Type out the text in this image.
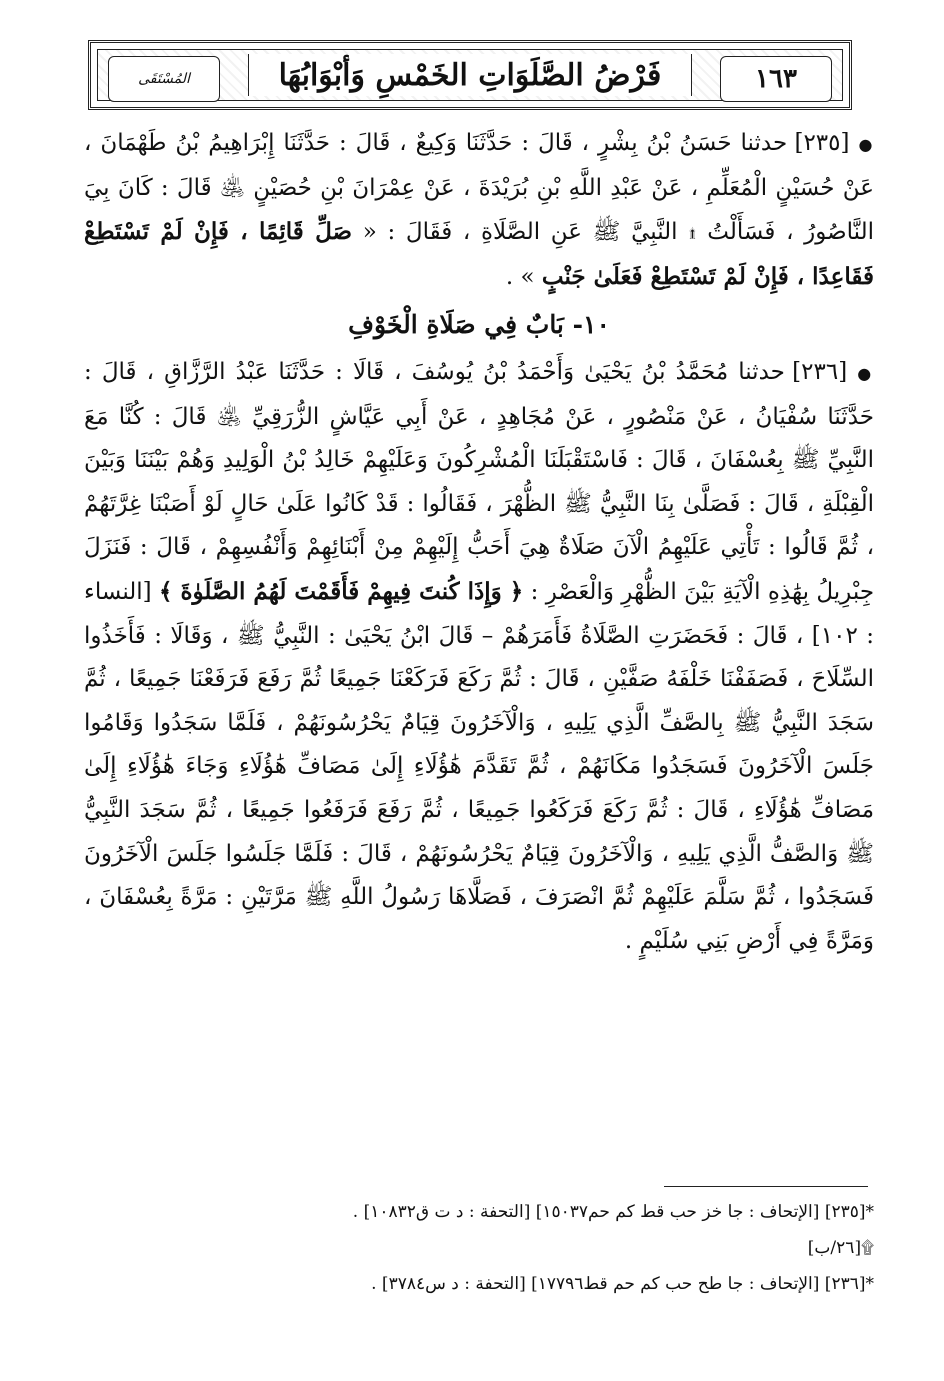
المُسْتَقَى	فَرْضُ الصَّلَوَاتِ الخَمْسِ وَأبْوَابُهَا	١٦٣

● [٢٣٥] حدثنا حَسَنُ بْنُ بِشْرٍ ، قَالَ : حَدَّثَنَا وَكِيعٌ ، قَالَ : حَدَّثَنَا إِبْرَاهِيمُ بْنُ طَهْمَانَ ، عَنْ حُسَيْنٍ الْمُعَلِّمِ ، عَنْ عَبْدِ اللَّهِ بْنِ بُرَيْدَةَ ، عَنْ عِمْرَانَ بْنِ حُصَيْنٍ ﵁ قَالَ : كَانَ بِيَ النَّاصُورُ ، فَسَأَلْتُ ۩ النَّبِيَّ ﷺ عَنِ الصَّلَاةِ ، فَقَالَ : « صَلِّ قَائِمًا ، فَإِنْ لَمْ تَسْتَطِعْ فَقَاعِدًا ، فَإِنْ لَمْ تَسْتَطِعْ فَعَلَىٰ جَنْبٍ » .

١٠- بَابٌ فِي صَلَاةِ الْخَوْفِ

● [٢٣٦] حدثنا مُحَمَّدُ بْنُ يَحْيَىٰ وَأَحْمَدُ بْنُ يُوسُفَ ، قَالَا : حَدَّثَنَا عَبْدُ الرَّزَّاقِ ، قَالَ : حَدَّثَنَا سُفْيَانُ ، عَنْ مَنْصُورٍ ، عَنْ مُجَاهِدٍ ، عَنْ أَبِي عَيَّاشٍ الزُّرَقِيِّ ﵁ قَالَ : كُنَّا مَعَ النَّبِيِّ ﷺ بِعُسْفَانَ ، قَالَ : فَاسْتَقْبَلَنَا الْمُشْرِكُونَ وَعَلَيْهِمْ خَالِدُ بْنُ الْوَلِيدِ وَهُمْ بَيْنَنَا وَبَيْنَ الْقِبْلَةِ ، قَالَ : فَصَلَّىٰ بِنَا النَّبِيُّ ﷺ الظُّهْرَ ، فَقَالُوا : قَدْ كَانُوا عَلَىٰ حَالٍ لَوْ أَصَبْنَا غِرَّتَهُمْ ، ثُمَّ قَالُوا : تَأْتِي عَلَيْهِمُ الْآنَ صَلَاةٌ هِيَ أَحَبُّ إِلَيْهِمْ مِنْ أَبْنَائِهِمْ وَأَنْفُسِهِمْ ، قَالَ : فَنَزَلَ جِبْرِيلُ بِهَٰذِهِ الْآيَةِ بَيْنَ الظُّهْرِ وَالْعَصْرِ : ﴿ وَإِذَا كُنتَ فِيهِمْ فَأَقَمْتَ لَهُمُ الصَّلَوٰةَ ﴾ [النساء : ١٠٢] ، قَالَ : فَحَضَرَتِ الصَّلَاةُ فَأَمَرَهُمْ – قَالَ ابْنُ يَحْيَىٰ : النَّبِيُّ ﷺ ، وَقَالَا : فَأَخَذُوا السِّلَاحَ ، فَصَفَفْنَا خَلْفَهُ صَفَّيْنِ ، قَالَ : ثُمَّ رَكَعَ فَرَكَعْنَا جَمِيعًا ثُمَّ رَفَعَ فَرَفَعْنَا جَمِيعًا ، ثُمَّ سَجَدَ النَّبِيُّ ﷺ بِالصَّفِّ الَّذِي يَلِيهِ ، وَالْآخَرُونَ قِيَامٌ يَحْرُسُونَهُمْ ، فَلَمَّا سَجَدُوا وَقَامُوا جَلَسَ الْآخَرُونَ فَسَجَدُوا مَكَانَهُمْ ، ثُمَّ تَقَدَّمَ هَٰؤُلَاءِ إِلَىٰ مَصَافِّ هَٰؤُلَاءِ وَجَاءَ هَٰؤُلَاءِ إِلَىٰ مَصَافِّ هَٰؤُلَاءِ ، قَالَ : ثُمَّ رَكَعَ فَرَكَعُوا جَمِيعًا ، ثُمَّ رَفَعَ فَرَفَعُوا جَمِيعًا ، ثُمَّ سَجَدَ النَّبِيُّ ﷺ وَالصَّفُّ الَّذِي يَلِيهِ ، وَالْآخَرُونَ قِيَامٌ يَحْرُسُونَهُمْ ، قَالَ : فَلَمَّا جَلَسُوا جَلَسَ الْآخَرُونَ فَسَجَدُوا ، ثُمَّ سَلَّمَ عَلَيْهِمْ ثُمَّ انْصَرَفَ ، فَصَلَّاهَا رَسُولُ اللَّهِ ﷺ مَرَّتَيْنِ : مَرَّةً بِعُسْفَانَ ، وَمَرَّةً فِي أَرْضِ بَنِي سُلَيْمٍ .

*[٢٣٥] [الإتحاف : جا خز حب قط كم حم١٥٠٣٧] [التحفة : د ت ق١٠٨٣٢] .

۩[٢٦/ب]

*[٢٣٦] [الإتحاف : جا طح حب كم حم قط١٧٧٩٦] [التحفة : د س٣٧٨٤] .
